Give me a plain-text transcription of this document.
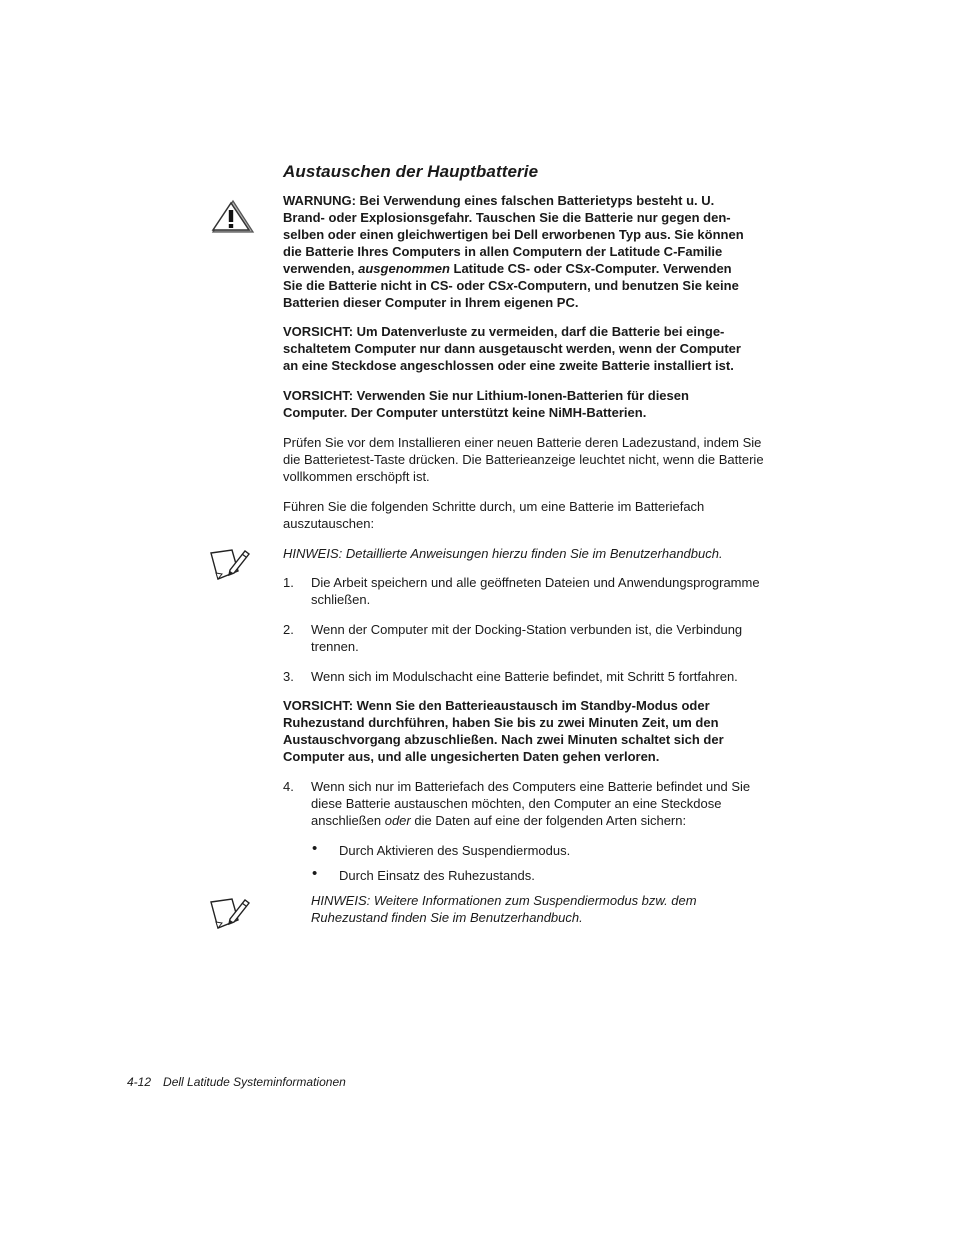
Austauschen der Hauptbatterie
WARNUNG: Bei Verwendung eines falschen Batterietyps besteht u. U.
Brand- oder Explosionsgefahr. Tauschen Sie die Batterie nur gegen den-
selben oder einen gleichwertigen bei Dell erworbenen Typ aus. Sie können
die Batterie Ihres Computers in allen Computern der Latitude C-Familie
verwenden, ausgenommen Latitude CS- oder CSx-Computer. Verwenden
Sie die Batterie nicht in CS- oder CSx-Computern, und benutzen Sie keine
Batterien dieser Computer in Ihrem eigenen PC.
VORSICHT: Um Datenverluste zu vermeiden, darf die Batterie bei einge-
schaltetem Computer nur dann ausgetauscht werden, wenn der Computer
an eine Steckdose angeschlossen oder eine zweite Batterie installiert ist.
VORSICHT: Verwenden Sie nur Lithium-Ionen-Batterien für diesen
Computer. Der Computer unterstützt keine NiMH-Batterien.
Prüfen Sie vor dem Installieren einer neuen Batterie deren Ladezustand, indem Sie
die Batterietest-Taste drücken. Die Batterieanzeige leuchtet nicht, wenn die Batterie
vollkommen erschöpft ist.
Führen Sie die folgenden Schritte durch, um eine Batterie im Batteriefach
auszutauschen:
HINWEIS: Detaillierte Anweisungen hierzu finden Sie im Benutzerhandbuch.
1. Die Arbeit speichern und alle geöffneten Dateien und Anwendungsprogramme
schließen.
2. Wenn der Computer mit der Docking-Station verbunden ist, die Verbindung
trennen.
3. Wenn sich im Modulschacht eine Batterie befindet, mit Schritt 5 fortfahren.
VORSICHT: Wenn Sie den Batterieaustausch im Standby-Modus oder
Ruhezustand durchführen, haben Sie bis zu zwei Minuten Zeit, um den
Austauschvorgang abzuschließen. Nach zwei Minuten schaltet sich der
Computer aus, und alle ungesicherten Daten gehen verloren.
4. Wenn sich nur im Batteriefach des Computers eine Batterie befindet und Sie
diese Batterie austauschen möchten, den Computer an eine Steckdose
anschließen oder die Daten auf eine der folgenden Arten sichern:
• Durch Aktivieren des Suspendiermodus.
• Durch Einsatz des Ruhezustands.
HINWEIS: Weitere Informationen zum Suspendiermodus bzw. dem
Ruhezustand finden Sie im Benutzerhandbuch.
4-12 Dell Latitude Systeminformationen
